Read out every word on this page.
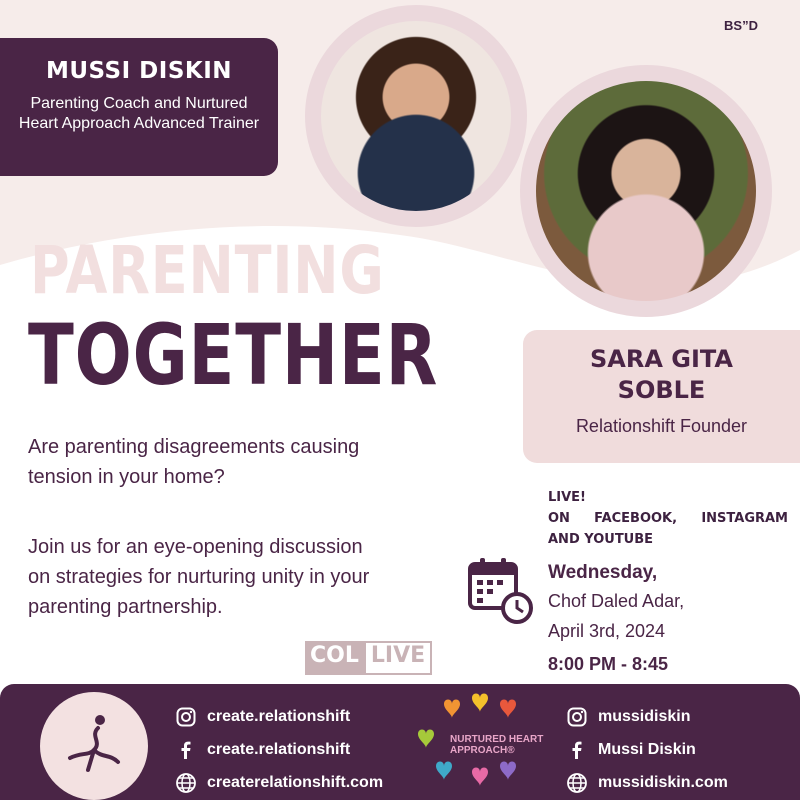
BS”D
MUSSI DISKIN
Parenting Coach and Nurtured Heart Approach Advanced Trainer
PARENTING
TOGETHER	SARA GITA
SOBLE
Relationshift Founder
Are parenting disagreements causing tension in your home?
Join us for an eye-opening discussion on strategies for nurturing unity in your parenting partnership.
LIVE!
ON FACEBOOK, INSTAGRAM
AND YOUTUBE
Wednesday,
Chof Daled Adar,
April 3rd, 2024
8:00 PM - 8:45
COL LIVE
create.relationshift
create.relationshift
createrelationshift.com
NURTURED HEART
APPROACH®
mussidiskin
Mussi Diskin
mussidiskin.com
